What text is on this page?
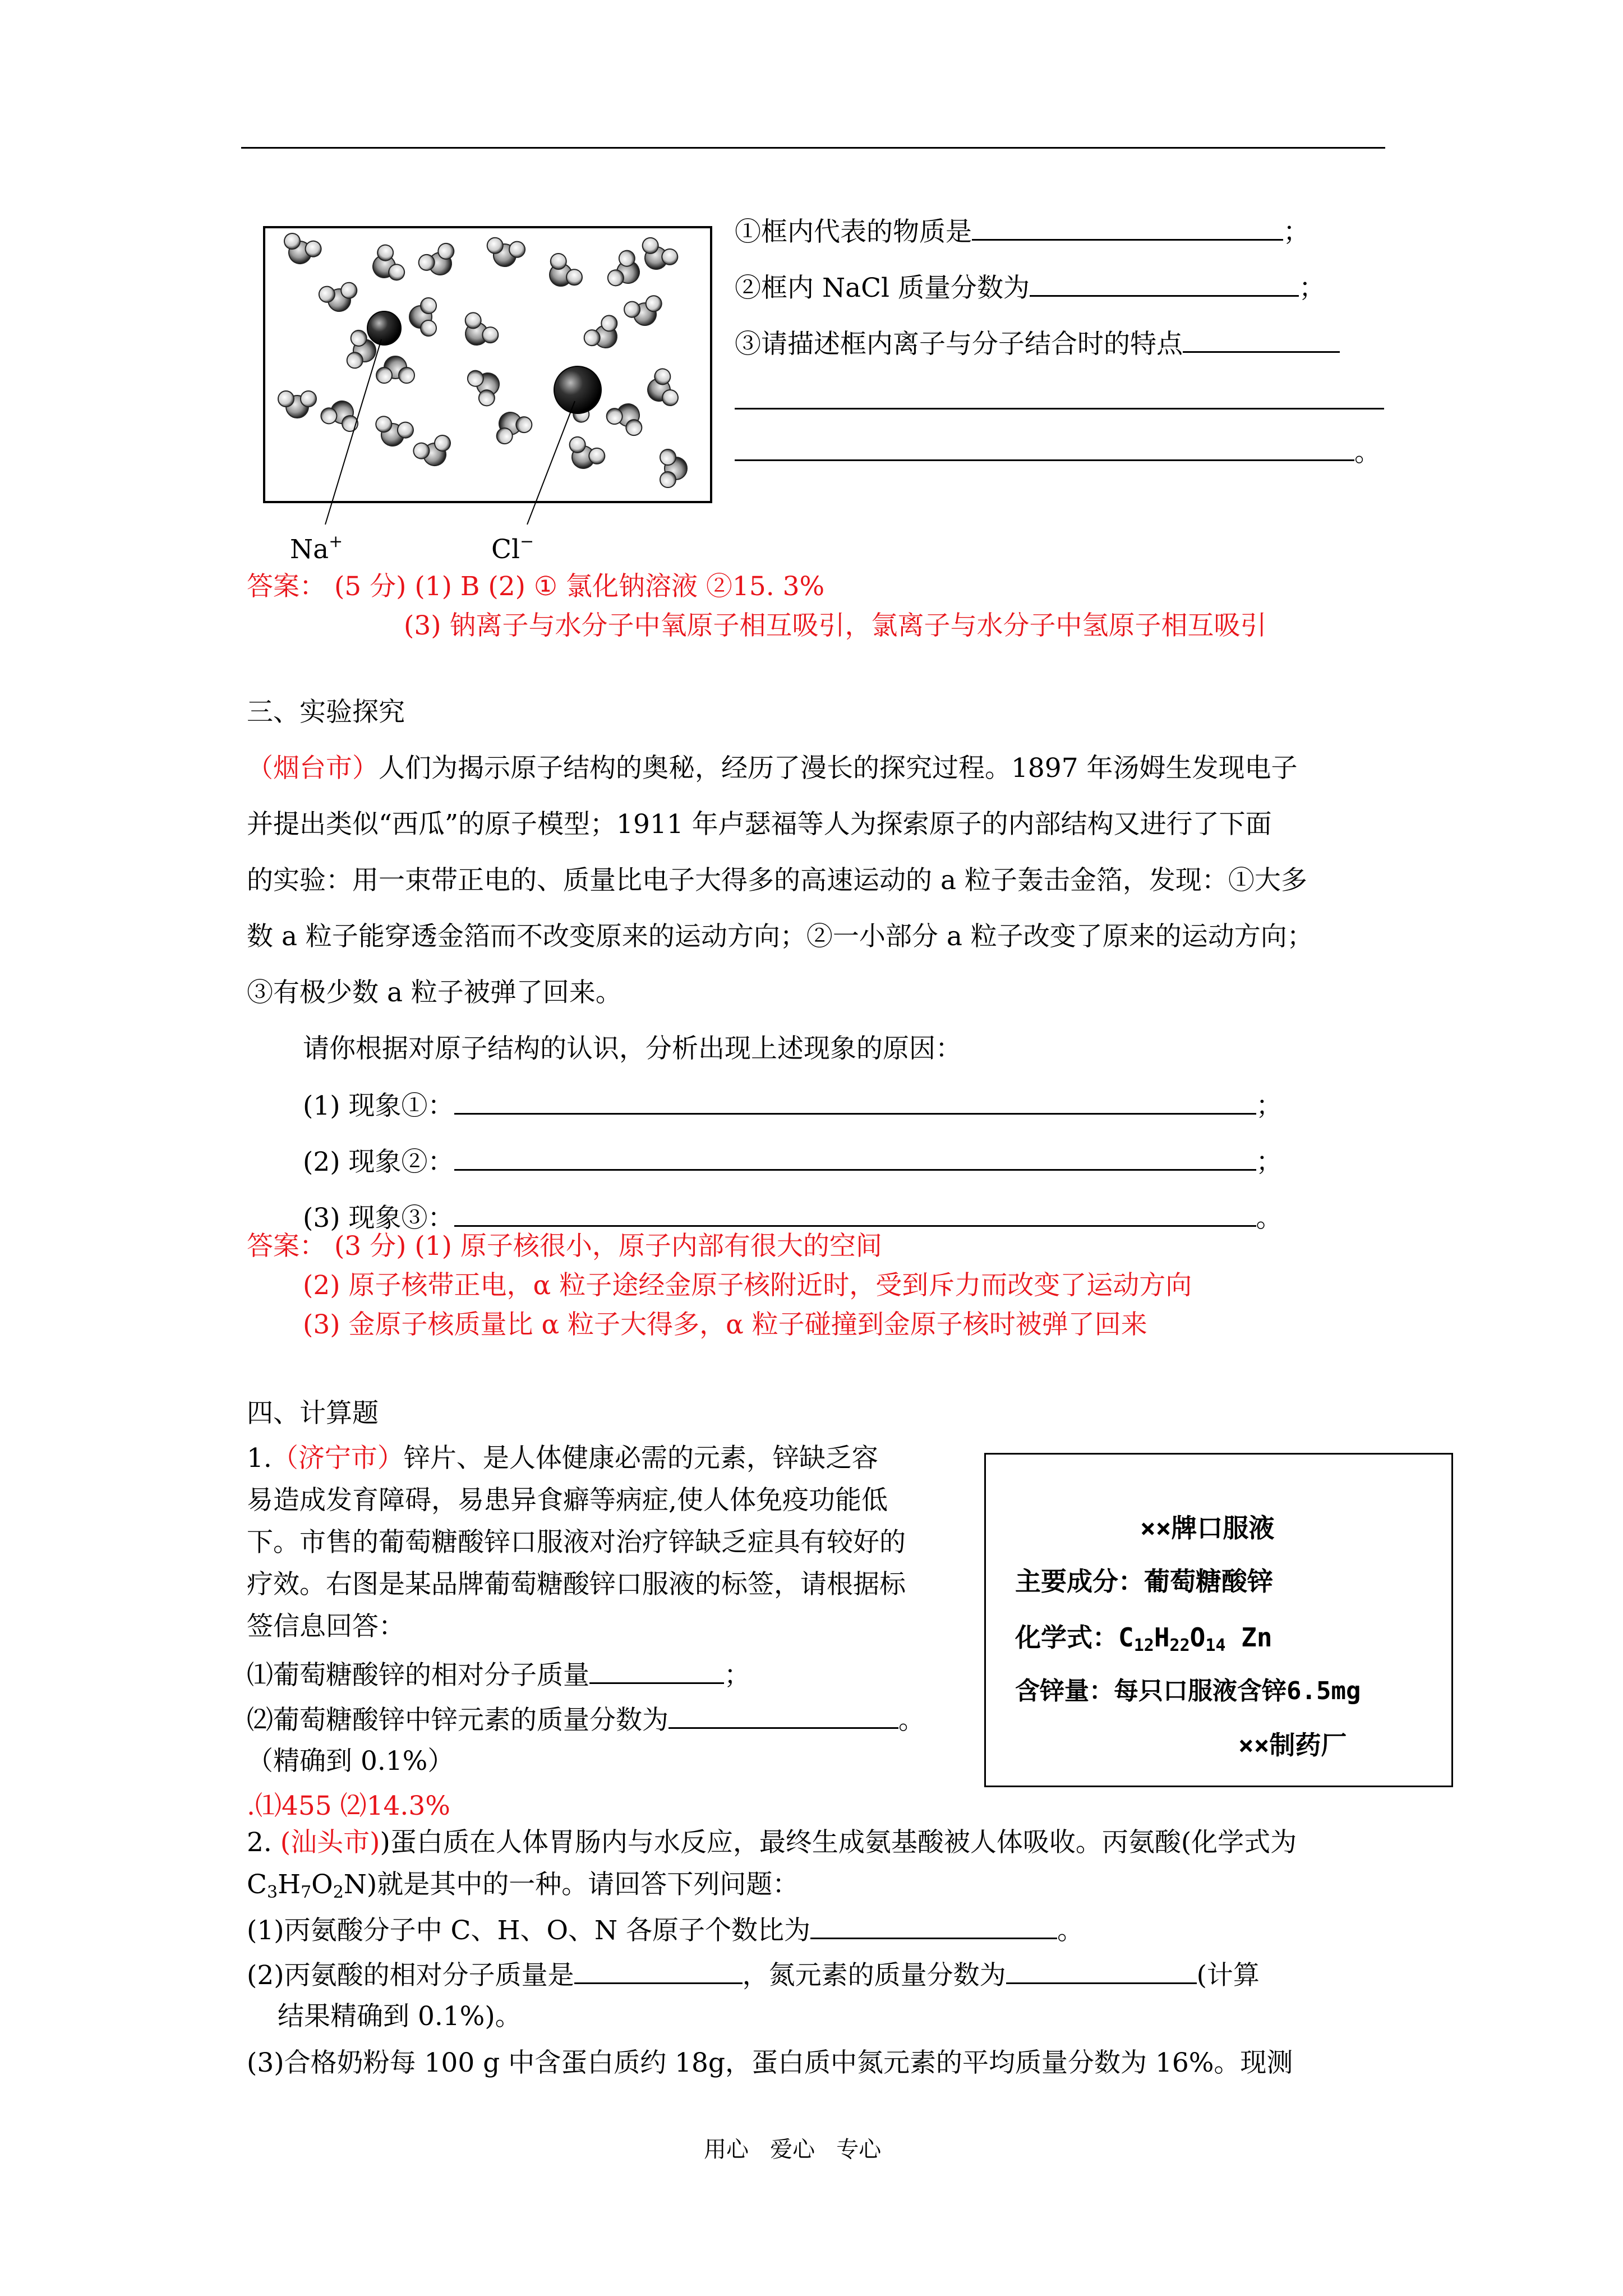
Na+	Cl−
①框内代表的物质是	；
②框内 NaCl 质量分数为	；
③请描述框内离子与分子结合时的特点
。
答案： (5 分) (1) B (2) ① 氯化钠溶液 ②15. 3%
(3) 钠离子与水分子中氧原子相互吸引，氯离子与水分子中氢原子相互吸引
三、实验探究
（烟台市）人们为揭示原子结构的奥秘，经历了漫长的探究过程。1897 年汤姆生发现电子
并提出类似“西瓜”的原子模型；1911 年卢瑟福等人为探索原子的内部结构又进行了下面
的实验：用一束带正电的、质量比电子大得多的高速运动的 a 粒子轰击金箔，发现：①大多
数 a 粒子能穿透金箔而不改变原来的运动方向；②一小部分 a 粒子改变了原来的运动方向；
③有极少数 a 粒子被弹了回来。
请你根据对原子结构的认识，分析出现上述现象的原因：
(1) 现象①：	；
(2) 现象②：	；
(3) 现象③：	。
答案： (3 分) (1) 原子核很小，原子内部有很大的空间
(2) 原子核带正电，α 粒子途经金原子核附近时，受到斥力而改变了运动方向
(3) 金原子核质量比 α 粒子大得多，α 粒子碰撞到金原子核时被弹了回来
四、计算题
1.（济宁市）锌片、是人体健康必需的元素，锌缺乏容
易造成发育障碍，易患异食癖等病症,使人体免疫功能低
下。市售的葡萄糖酸锌口服液对治疗锌缺乏症具有较好的
疗效。右图是某品牌葡萄糖酸锌口服液的标签，请根据标
签信息回答：
⑴葡萄糖酸锌的相对分子质量	；
⑵葡萄糖酸锌中锌元素的质量分数为	。
（精确到 0.1%）
.⑴455 ⑵14.3%
××牌口服液
主要成分：葡萄糖酸锌
化学式：$C_{12}H_{22}O_{14}$ Zn
含锌量：每只口服液含锌6.5mg
××制药厂
2. (汕头市))蛋白质在人体胃肠内与水反应，最终生成氨基酸被人体吸收。丙氨酸(化学式为
$C_3H_7O_2N$)就是其中的一种。请回答下列问题：
(1)丙氨酸分子中 C、H、O、N 各原子个数比为	。
(2)丙氨酸的相对分子质量是	，氮元素的质量分数为	(计算
结果精确到 0.1%)。
(3)合格奶粉每 100 g 中含蛋白质约 18g，蛋白质中氮元素的平均质量分数为 16%。现测
用心   爱心   专心
